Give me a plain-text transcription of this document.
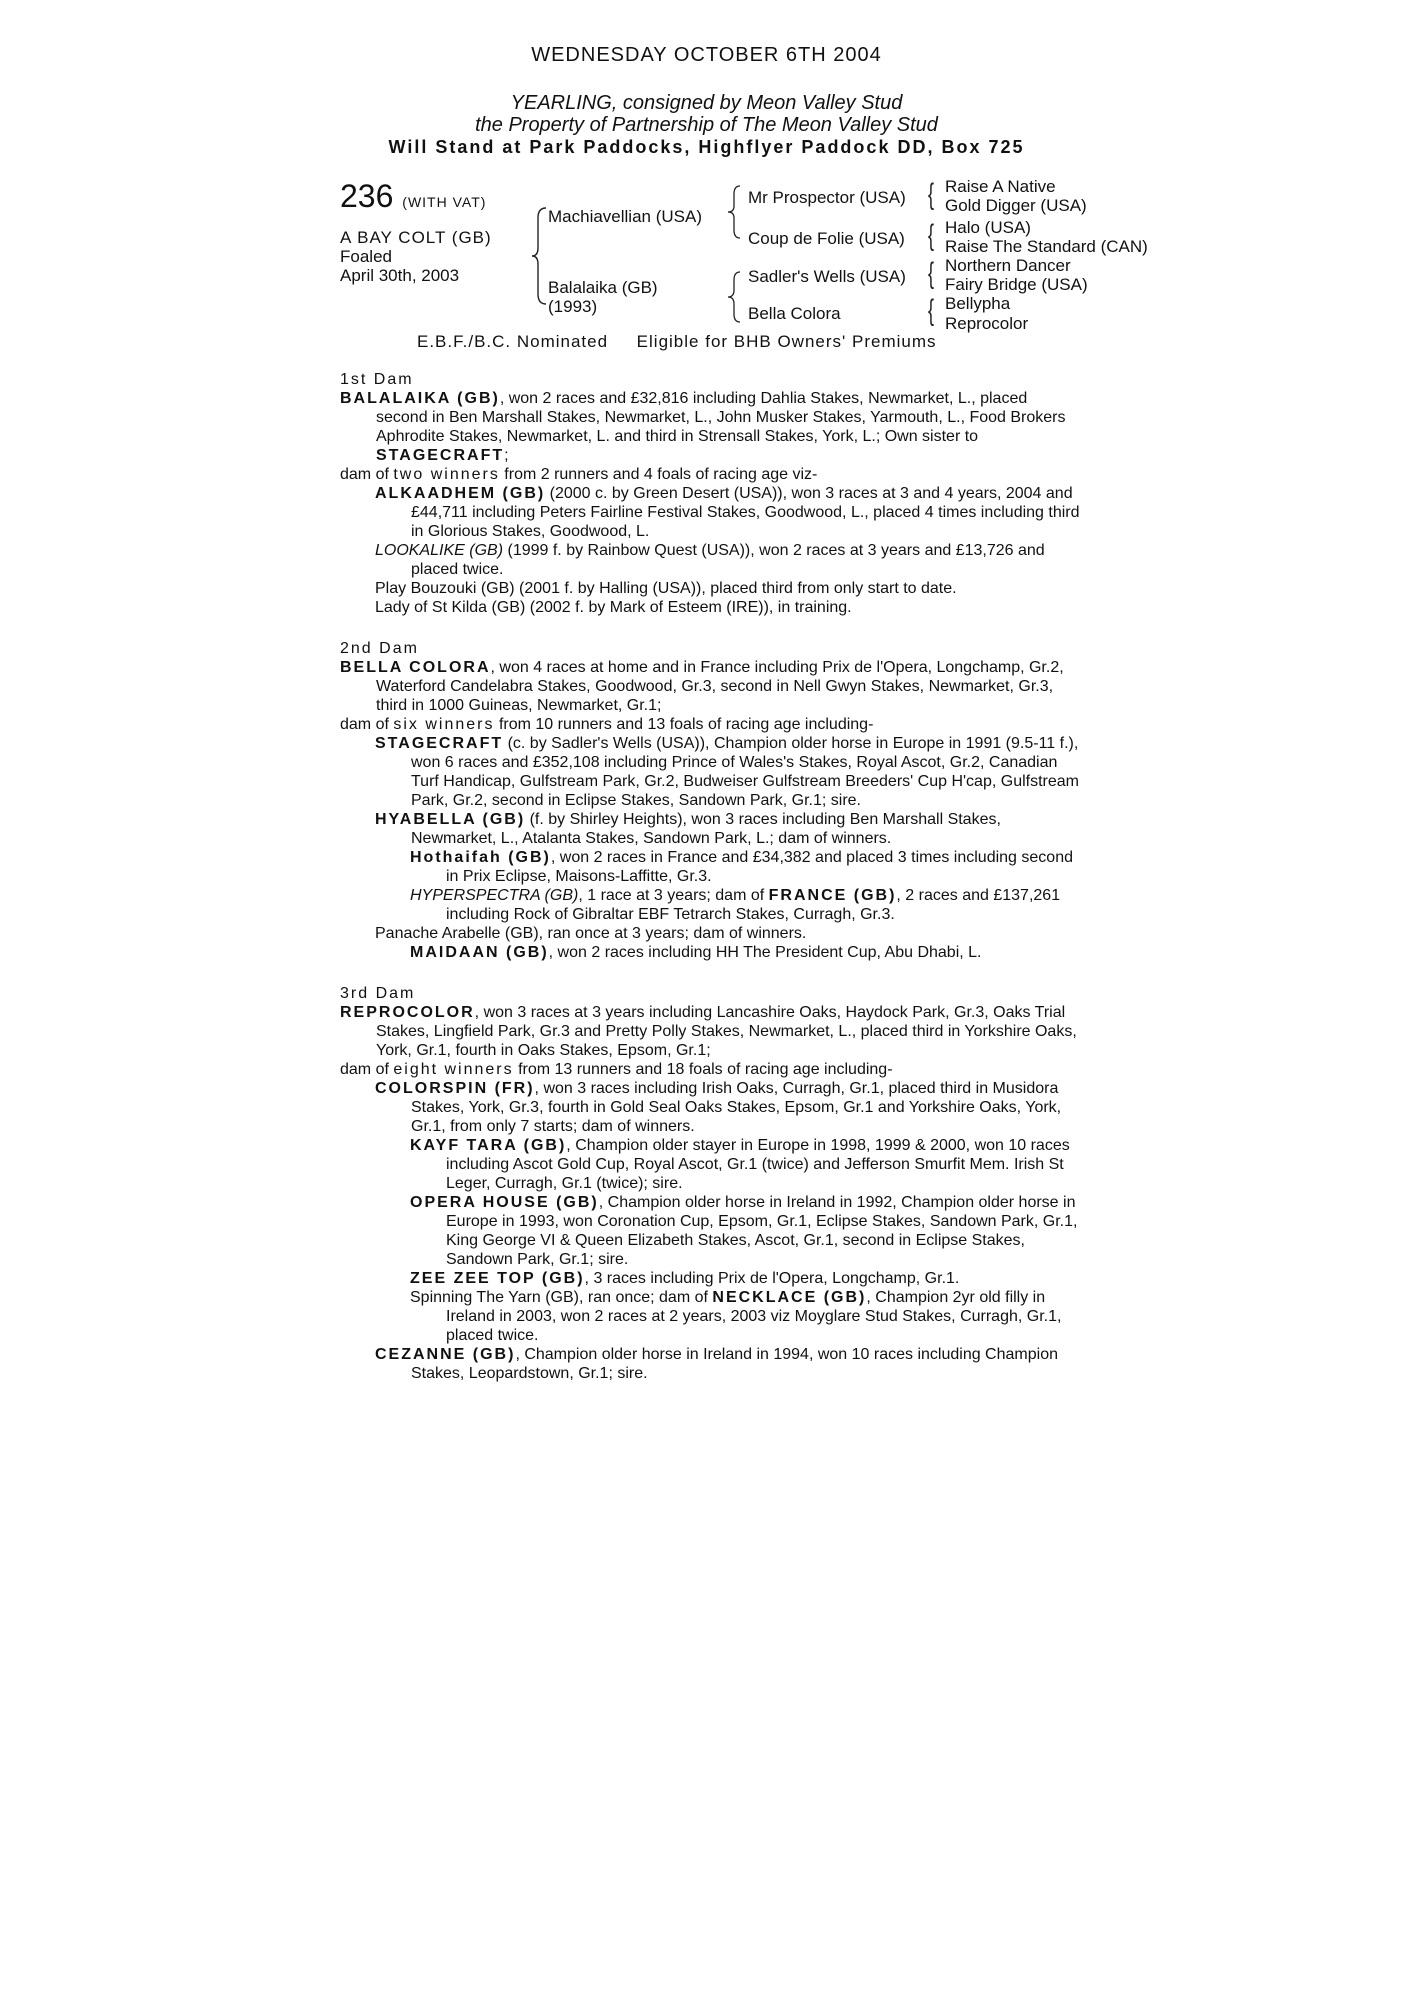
WEDNESDAY OCTOBER 6TH 2004
YEARLING, consigned by Meon Valley Stud
the Property of Partnership of The Meon Valley Stud
Will Stand at Park Paddocks, Highflyer Paddock DD, Box 725
236 (WITH VAT)
A BAY COLT (GB)
Foaled
April 30th, 2003
Machiavellian (USA)
Balalaika (GB)
(1993)
Mr Prospector (USA)
Coup de Folie (USA)
Sadler's Wells (USA)
Bella Colora
{
{
{
{
Raise A Native
Gold Digger (USA)
Halo (USA)
Raise The Standard (CAN)
Northern Dancer
Fairy Bridge (USA)
Bellypha
Reprocolor
E.B.F./B.C. Nominated     Eligible for BHB Owners' Premiums
1st Dam
BALALAIKA (GB), won 2 races and £32,816 including Dahlia Stakes, Newmarket, L., placed second in Ben Marshall Stakes, Newmarket, L., John Musker Stakes, Yarmouth, L., Food Brokers Aphrodite Stakes, Newmarket, L. and third in Strensall Stakes, York, L.; Own sister to STAGECRAFT;
dam of two winners from 2 runners and 4 foals of racing age viz-
ALKAADHEM (GB) (2000 c. by Green Desert (USA)), won 3 races at 3 and 4 years, 2004 and £44,711 including Peters Fairline Festival Stakes, Goodwood, L., placed 4 times including third in Glorious Stakes, Goodwood, L.
LOOKALIKE (GB) (1999 f. by Rainbow Quest (USA)), won 2 races at 3 years and £13,726 and placed twice.
Play Bouzouki (GB) (2001 f. by Halling (USA)), placed third from only start to date.
Lady of St Kilda (GB) (2002 f. by Mark of Esteem (IRE)), in training.
2nd Dam
BELLA COLORA, won 4 races at home and in France including Prix de l'Opera, Longchamp, Gr.2, Waterford Candelabra Stakes, Goodwood, Gr.3, second in Nell Gwyn Stakes, Newmarket, Gr.3, third in 1000 Guineas, Newmarket, Gr.1;
dam of six winners from 10 runners and 13 foals of racing age including-
STAGECRAFT (c. by Sadler's Wells (USA)), Champion older horse in Europe in 1991 (9.5-11 f.), won 6 races and £352,108 including Prince of Wales's Stakes, Royal Ascot, Gr.2, Canadian Turf Handicap, Gulfstream Park, Gr.2, Budweiser Gulfstream Breeders' Cup H'cap, Gulfstream Park, Gr.2, second in Eclipse Stakes, Sandown Park, Gr.1; sire.
HYABELLA (GB) (f. by Shirley Heights), won 3 races including Ben Marshall Stakes, Newmarket, L., Atalanta Stakes, Sandown Park, L.; dam of winners.
Hothaifah (GB), won 2 races in France and £34,382 and placed 3 times including second in Prix Eclipse, Maisons-Laffitte, Gr.3.
HYPERSPECTRA (GB), 1 race at 3 years; dam of FRANCE (GB), 2 races and £137,261 including Rock of Gibraltar EBF Tetrarch Stakes, Curragh, Gr.3.
Panache Arabelle (GB), ran once at 3 years; dam of winners.
MAIDAAN (GB), won 2 races including HH The President Cup, Abu Dhabi, L.
3rd Dam
REPROCOLOR, won 3 races at 3 years including Lancashire Oaks, Haydock Park, Gr.3, Oaks Trial Stakes, Lingfield Park, Gr.3 and Pretty Polly Stakes, Newmarket, L., placed third in Yorkshire Oaks, York, Gr.1, fourth in Oaks Stakes, Epsom, Gr.1;
dam of eight winners from 13 runners and 18 foals of racing age including-
COLORSPIN (FR), won 3 races including Irish Oaks, Curragh, Gr.1, placed third in Musidora Stakes, York, Gr.3, fourth in Gold Seal Oaks Stakes, Epsom, Gr.1 and Yorkshire Oaks, York, Gr.1, from only 7 starts; dam of winners.
KAYF TARA (GB), Champion older stayer in Europe in 1998, 1999 & 2000, won 10 races including Ascot Gold Cup, Royal Ascot, Gr.1 (twice) and Jefferson Smurfit Mem. Irish St Leger, Curragh, Gr.1 (twice); sire.
OPERA HOUSE (GB), Champion older horse in Ireland in 1992, Champion older horse in Europe in 1993, won Coronation Cup, Epsom, Gr.1, Eclipse Stakes, Sandown Park, Gr.1, King George VI & Queen Elizabeth Stakes, Ascot, Gr.1, second in Eclipse Stakes, Sandown Park, Gr.1; sire.
ZEE ZEE TOP (GB), 3 races including Prix de l'Opera, Longchamp, Gr.1.
Spinning The Yarn (GB), ran once; dam of NECKLACE (GB), Champion 2yr old filly in Ireland in 2003, won 2 races at 2 years, 2003 viz Moyglare Stud Stakes, Curragh, Gr.1, placed twice.
CEZANNE (GB), Champion older horse in Ireland in 1994, won 10 races including Champion Stakes, Leopardstown, Gr.1; sire.
